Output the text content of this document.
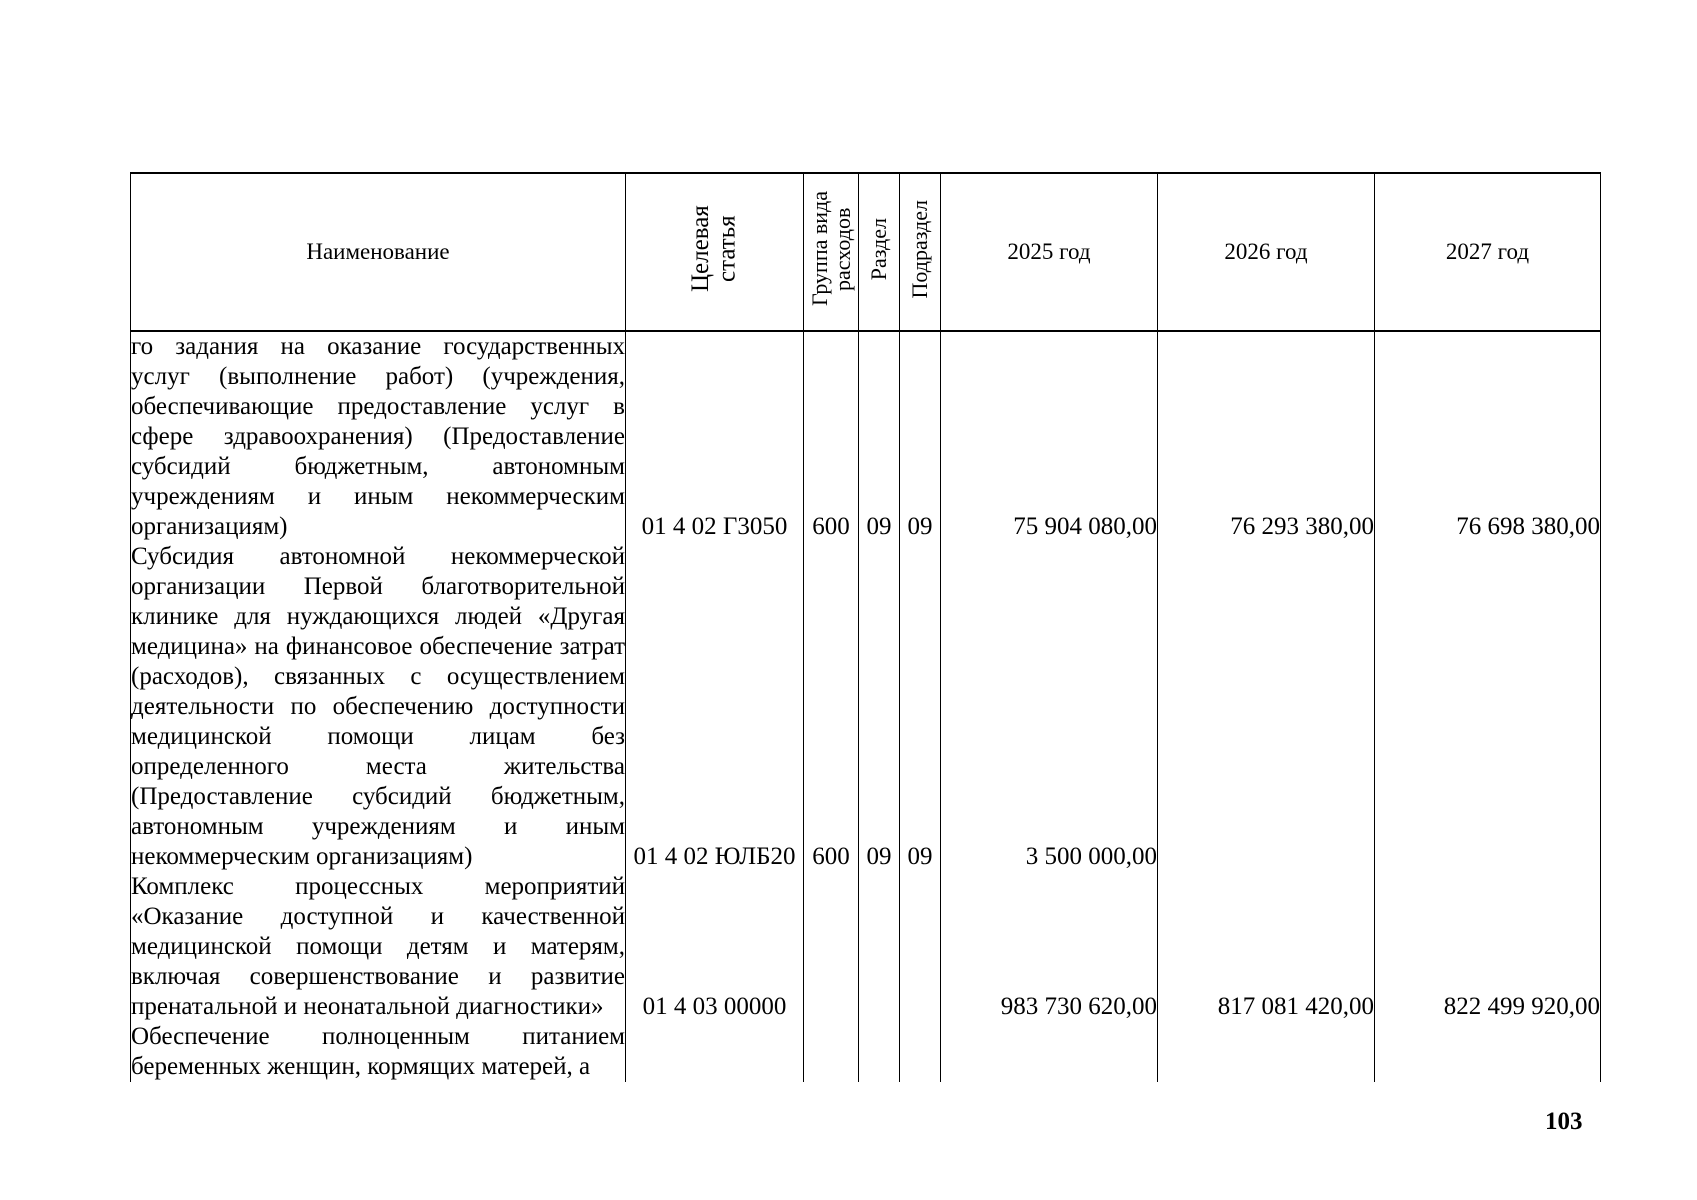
Наименование	Целевая статья	Группа вида расходов	Раздел	Подраздел	2025 год	2026 год	2027 год

го задания на оказание государственных услуг (выполнение работ) (учреждения, обеспечивающие предоставление услуг в сфере здравоохранения) (Предоставление субсидий бюджетным, автономным учреждениям и иным некоммерческим организациям)	01 4 02 Г3050	600	09	09	75 904 080,00	76 293 380,00	76 698 380,00

Субсидия автономной некоммерческой организации Первой благотворительной клинике для нуждающихся людей «Другая медицина» на финансовое обеспечение затрат (расходов), связанных с осуществлением деятельности по обеспечению доступности медицинской помощи лицам без определенного места жительства (Предоставление субсидий бюджетным, автономным учреждениям и иным некоммерческим организациям)	01 4 02 ЮЛБ20	600	09	09	3 500 000,00		

Комплекс процессных мероприятий «Оказание доступной и качественной медицинской помощи детям и матерям, включая совершенствование и развитие пренатальной и неонатальной диагностики»	01 4 03 00000				983 730 620,00	817 081 420,00	822 499 920,00

Обеспечение полноценным питанием беременных женщин, кормящих матерей, а							

103
